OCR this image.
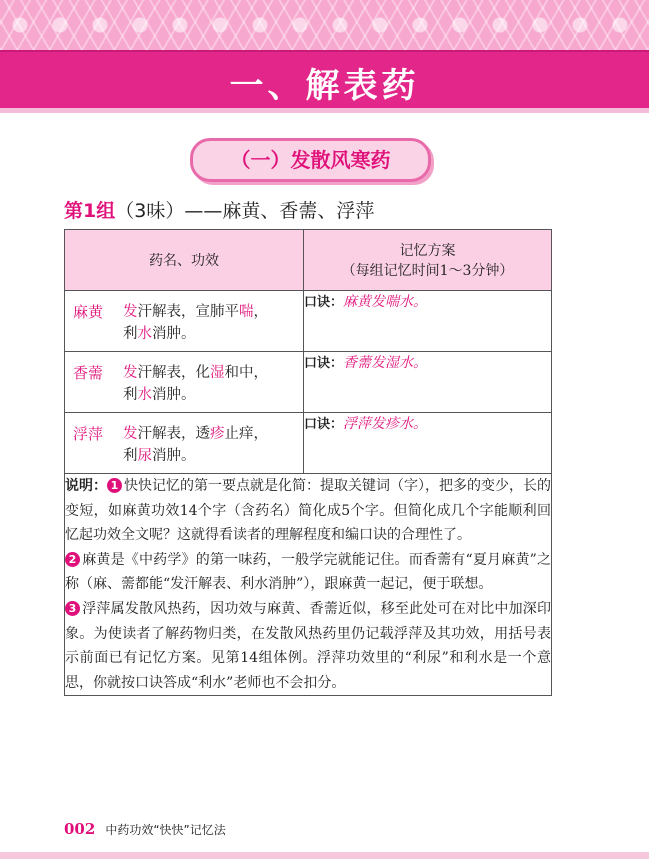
一、解表药
（一）发散风寒药
第1组（3味）——麻黄、香薷、浮萍
药名、功效	记忆方案
（每组记忆时间1～3分钟）

麻黄 发汗解表，宣肺平喘，
利水消肿。	口诀：麻黄发喘水。

香薷 发汗解表，化湿和中，
利水消肿。	口诀：香薷发湿水。

浮萍 发汗解表，透疹止痒，
利尿消肿。	口诀：浮萍发疹水。

说明： 1 快快记忆的第一要点就是化简：提取关键词（字），把多的变少，长的变短，如麻黄功效14个字（含药名）简化成5个字。但简化成几个字能顺利回忆起功效全文呢？这就得看读者的理解程度和编口诀的合理性了。

2 麻黄是《中药学》的第一味药，一般学完就能记住。而香薷有“夏月麻黄”之称（麻、薷都能“发汗解表、利水消肿”），跟麻黄一起记，便于联想。

3 浮萍属发散风热药，因功效与麻黄、香薷近似，移至此处可在对比中加深印象。为使读者了解药物归类，在发散风热药里仍记载浮萍及其功效，用括号表示前面已有记忆方案。见第14组体例。浮萍功效里的“利尿”和利水是一个意思，你就按口诀答成“利水”老师也不会扣分。	

002 中药功效“快快”记忆法
